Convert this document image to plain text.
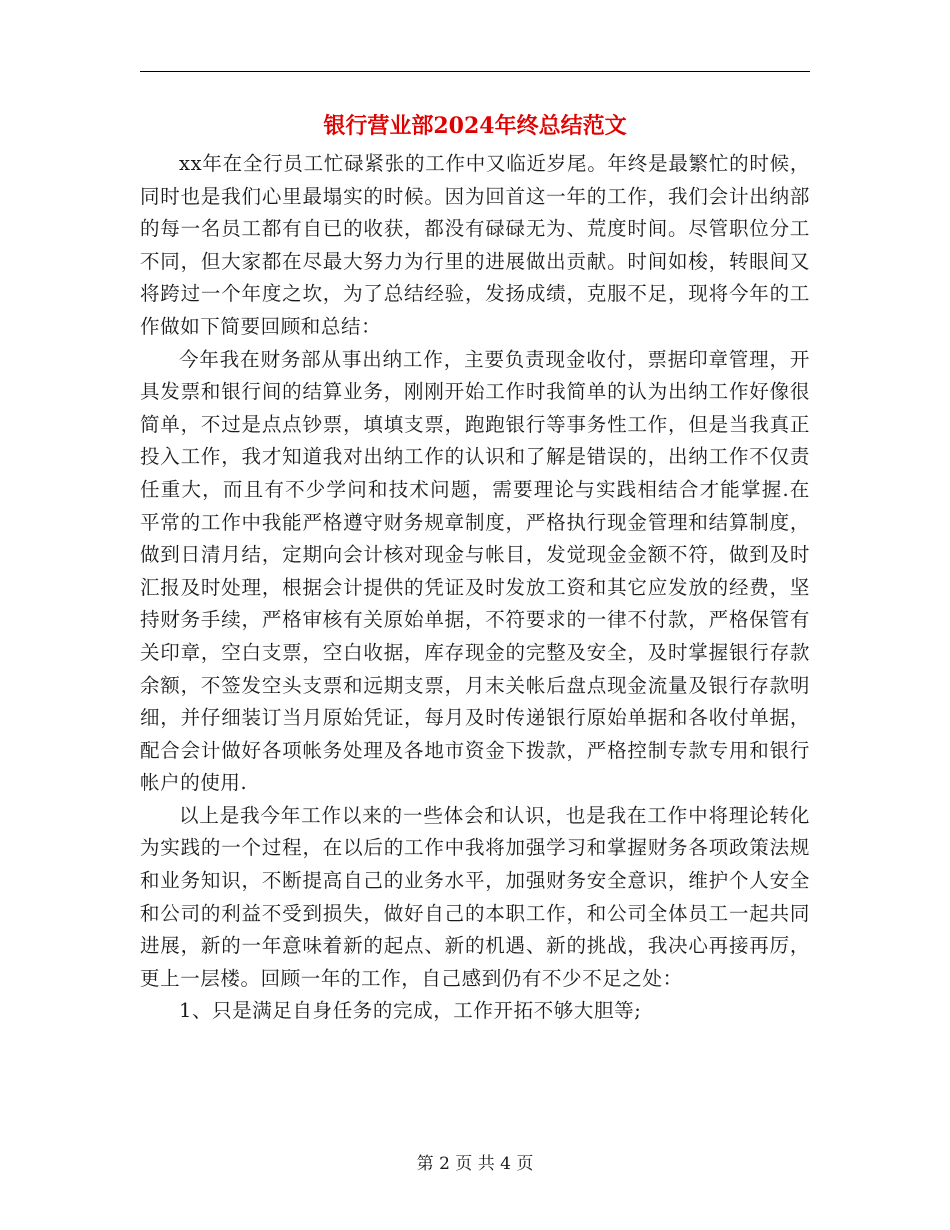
银行营业部2024年终总结范文

xx年在全行员工忙碌紧张的工作中又临近岁尾。年终是最繁忙的时候，同时也是我们心里最塌实的时候。因为回首这一年的工作，我们会计出纳部的每一名员工都有自已的收获，都没有碌碌无为、荒度时间。尽管职位分工不同，但大家都在尽最大努力为行里的进展做出贡献。时间如梭，转眼间又将跨过一个年度之坎，为了总结经验，发扬成绩，克服不足，现将今年的工作做如下简要回顾和总结：

今年我在财务部从事出纳工作，主要负责现金收付，票据印章管理，开具发票和银行间的结算业务，刚刚开始工作时我简单的认为出纳工作好像很简单，不过是点点钞票，填填支票，跑跑银行等事务性工作，但是当我真正投入工作，我才知道我对出纳工作的认识和了解是错误的，出纳工作不仅责任重大，而且有不少学问和技术问题，需要理论与实践相结合才能掌握.在平常的工作中我能严格遵守财务规章制度，严格执行现金管理和结算制度，做到日清月结，定期向会计核对现金与帐目，发觉现金金额不符，做到及时汇报及时处理，根据会计提供的凭证及时发放工资和其它应发放的经费，坚持财务手续，严格审核有关原始单据，不符要求的一律不付款，严格保管有关印章，空白支票，空白收据，库存现金的完整及安全，及时掌握银行存款余额，不签发空头支票和远期支票，月末关帐后盘点现金流量及银行存款明细，并仔细装订当月原始凭证，每月及时传递银行原始单据和各收付单据，配合会计做好各项帐务处理及各地市资金下拨款，严格控制专款专用和银行帐户的使用.

以上是我今年工作以来的一些体会和认识，也是我在工作中将理论转化为实践的一个过程，在以后的工作中我将加强学习和掌握财务各项政策法规和业务知识，不断提高自己的业务水平，加强财务安全意识，维护个人安全和公司的利益不受到损失，做好自己的本职工作，和公司全体员工一起共同进展，新的一年意味着新的起点、新的机遇、新的挑战，我决心再接再厉，更上一层楼。回顾一年的工作，自己感到仍有不少不足之处：

1、只是满足自身任务的完成，工作开拓不够大胆等;

第 2 页 共 4 页
